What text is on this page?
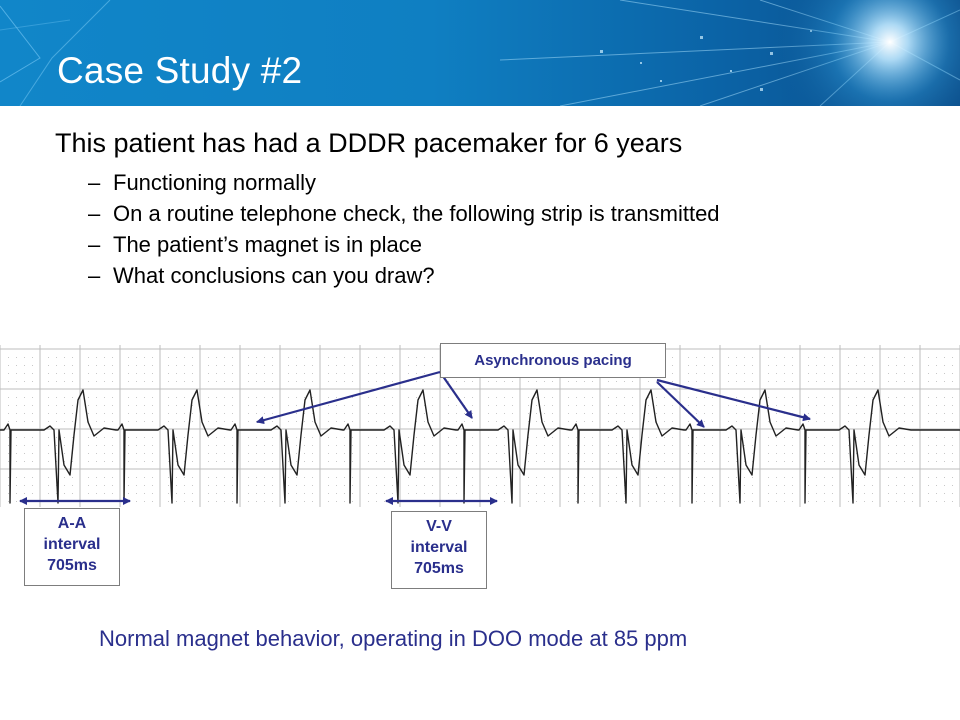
Case Study #2

This patient has had a DDDR pacemaker for 6 years

– Functioning normally
– On a routine telephone check, the following strip is transmitted
– The patient’s magnet is in place
– What conclusions can you draw?
Asynchronous pacing
A-A
interval
705ms
V-V
interval
705ms

Normal magnet behavior, operating in DOO mode at 85 ppm
